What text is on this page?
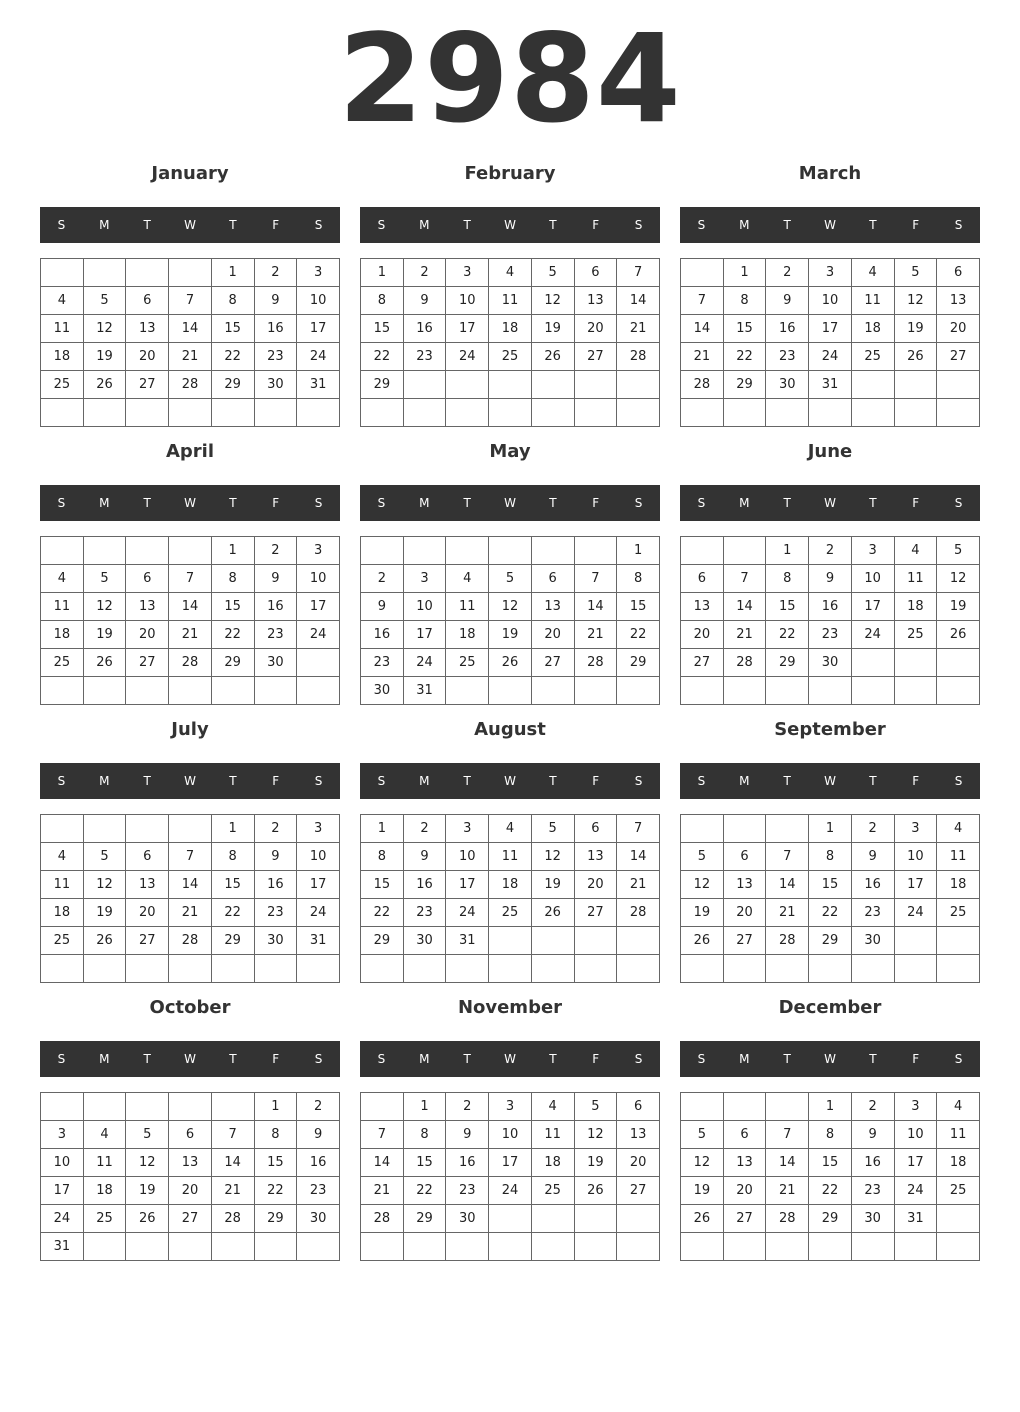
2984
January
S	M	T	W	T	F	S
				1	2	3
4	5	6	7	8	9	10
11	12	13	14	15	16	17
18	19	20	21	22	23	24
25	26	27	28	29	30	31

February
S	M	T	W	T	F	S
1	2	3	4	5	6	7
8	9	10	11	12	13	14
15	16	17	18	19	20	21
22	23	24	25	26	27	28
29						

March
S	M	T	W	T	F	S
	1	2	3	4	5	6
7	8	9	10	11	12	13
14	15	16	17	18	19	20
21	22	23	24	25	26	27
28	29	30	31			

April
S	M	T	W	T	F	S
				1	2	3
4	5	6	7	8	9	10
11	12	13	14	15	16	17
18	19	20	21	22	23	24
25	26	27	28	29	30	

May
S	M	T	W	T	F	S
						1
2	3	4	5	6	7	8
9	10	11	12	13	14	15
16	17	18	19	20	21	22
23	24	25	26	27	28	29
30	31					
June
S	M	T	W	T	F	S
		1	2	3	4	5
6	7	8	9	10	11	12
13	14	15	16	17	18	19
20	21	22	23	24	25	26
27	28	29	30			

July
S	M	T	W	T	F	S
				1	2	3
4	5	6	7	8	9	10
11	12	13	14	15	16	17
18	19	20	21	22	23	24
25	26	27	28	29	30	31

August
S	M	T	W	T	F	S
1	2	3	4	5	6	7
8	9	10	11	12	13	14
15	16	17	18	19	20	21
22	23	24	25	26	27	28
29	30	31				

September
S	M	T	W	T	F	S
			1	2	3	4
5	6	7	8	9	10	11
12	13	14	15	16	17	18
19	20	21	22	23	24	25
26	27	28	29	30		

October
S	M	T	W	T	F	S
					1	2
3	4	5	6	7	8	9
10	11	12	13	14	15	16
17	18	19	20	21	22	23
24	25	26	27	28	29	30
31						
November
S	M	T	W	T	F	S
	1	2	3	4	5	6
7	8	9	10	11	12	13
14	15	16	17	18	19	20
21	22	23	24	25	26	27
28	29	30				

December
S	M	T	W	T	F	S
			1	2	3	4
5	6	7	8	9	10	11
12	13	14	15	16	17	18
19	20	21	22	23	24	25
26	27	28	29	30	31	
